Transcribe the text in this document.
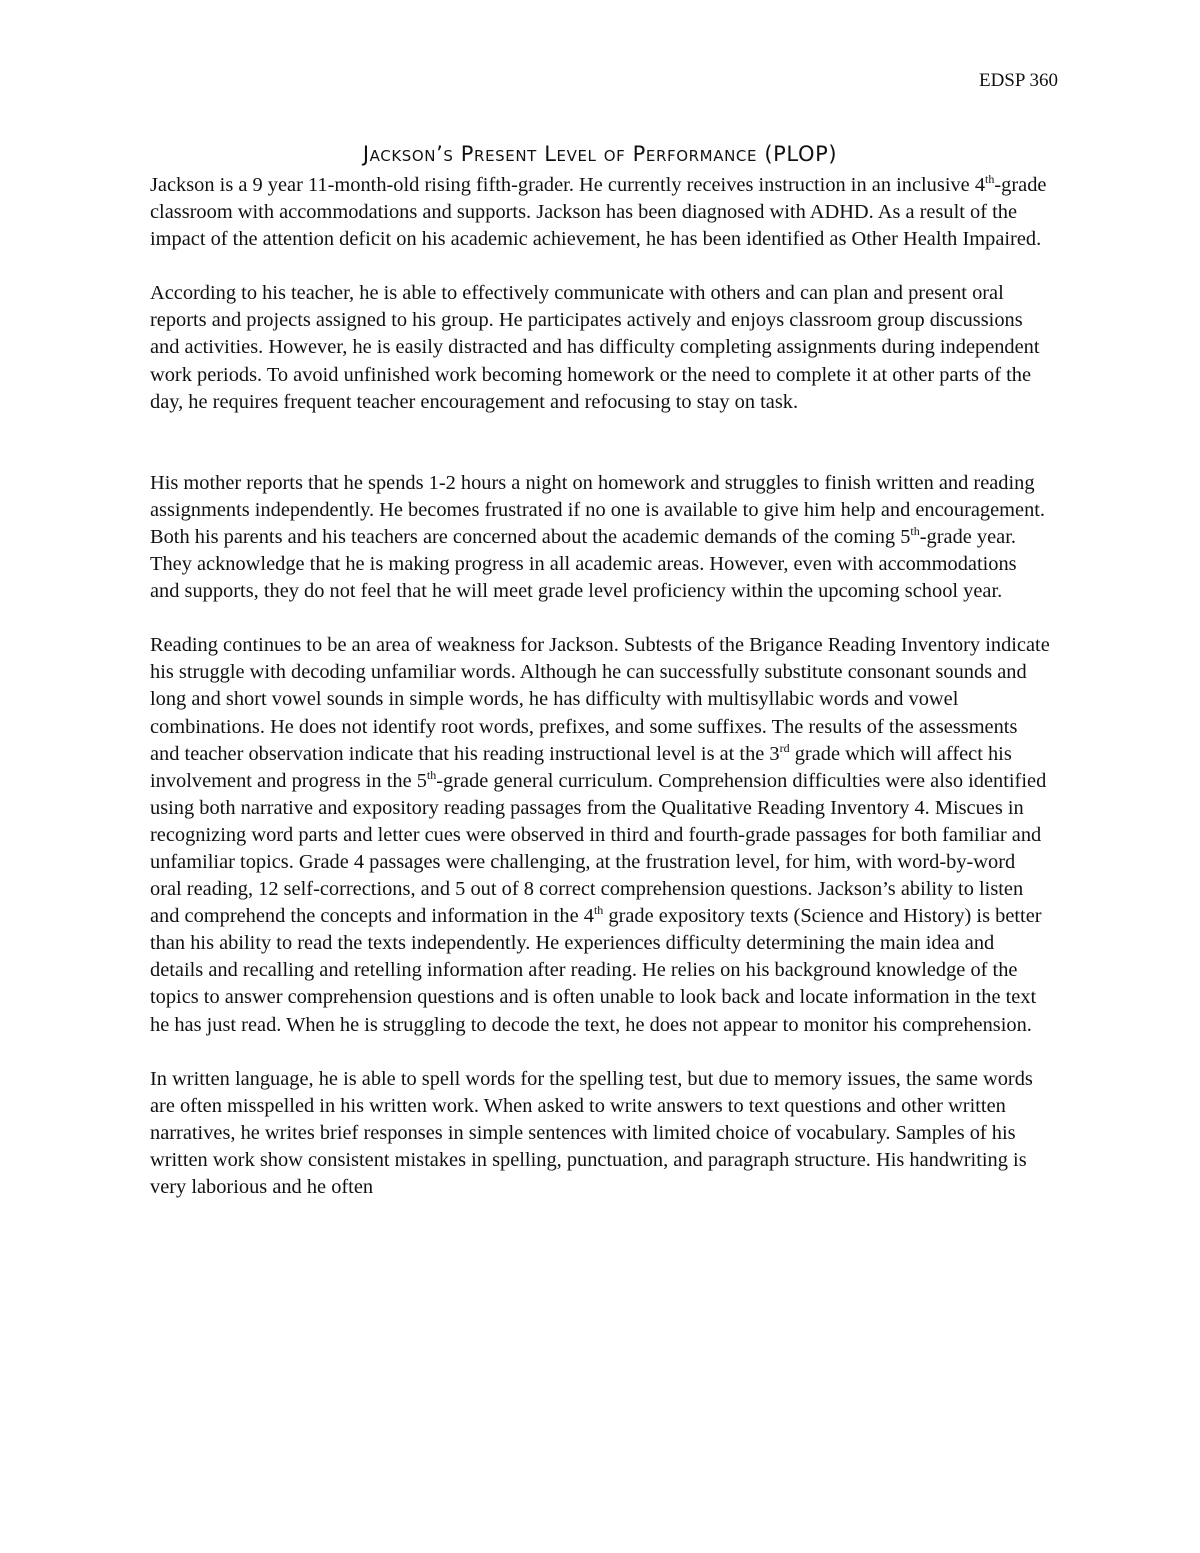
EDSP 360
Jackson’s Present Level of Performance (PLOP)

Jackson is a 9 year 11-month-old rising fifth-grader. He currently receives instruction in an inclusive 4th-grade classroom with accommodations and supports. Jackson has been diagnosed with ADHD. As a result of the impact of the attention deficit on his academic achievement, he has been identified as Other Health Impaired.

According to his teacher, he is able to effectively communicate with others and can plan and present oral reports and projects assigned to his group. He participates actively and enjoys classroom group discussions and activities. However, he is easily distracted and has difficulty completing assignments during independent work periods. To avoid unfinished work becoming homework or the need to complete it at other parts of the day, he requires frequent teacher encouragement and refocusing to stay on task.

His mother reports that he spends 1-2 hours a night on homework and struggles to finish written and reading assignments independently. He becomes frustrated if no one is available to give him help and encouragement. Both his parents and his teachers are concerned about the academic demands of the coming 5th-grade year. They acknowledge that he is making progress in all academic areas. However, even with accommodations and supports, they do not feel that he will meet grade level proficiency within the upcoming school year.

Reading continues to be an area of weakness for Jackson. Subtests of the Brigance Reading Inventory indicate his struggle with decoding unfamiliar words. Although he can successfully substitute consonant sounds and long and short vowel sounds in simple words, he has difficulty with multisyllabic words and vowel combinations. He does not identify root words, prefixes, and some suffixes. The results of the assessments and teacher observation indicate that his reading instructional level is at the 3rd grade which will affect his involvement and progress in the 5th-grade general curriculum. Comprehension difficulties were also identified using both narrative and expository reading passages from the Qualitative Reading Inventory 4. Miscues in recognizing word parts and letter cues were observed in third and fourth-grade passages for both familiar and unfamiliar topics. Grade 4 passages were challenging, at the frustration level, for him, with word-by-word oral reading, 12 self-corrections, and 5 out of 8 correct comprehension questions. Jackson’s ability to listen and comprehend the concepts and information in the 4th grade expository texts (Science and History) is better than his ability to read the texts independently. He experiences difficulty determining the main idea and details and recalling and retelling information after reading. He relies on his background knowledge of the topics to answer comprehension questions and is often unable to look back and locate information in the text he has just read. When he is struggling to decode the text, he does not appear to monitor his comprehension.

In written language, he is able to spell words for the spelling test, but due to memory issues, the same words are often misspelled in his written work. When asked to write answers to text questions and other written narratives, he writes brief responses in simple sentences with limited choice of vocabulary. Samples of his written work show consistent mistakes in spelling, punctuation, and paragraph structure. His handwriting is very laborious and he often
